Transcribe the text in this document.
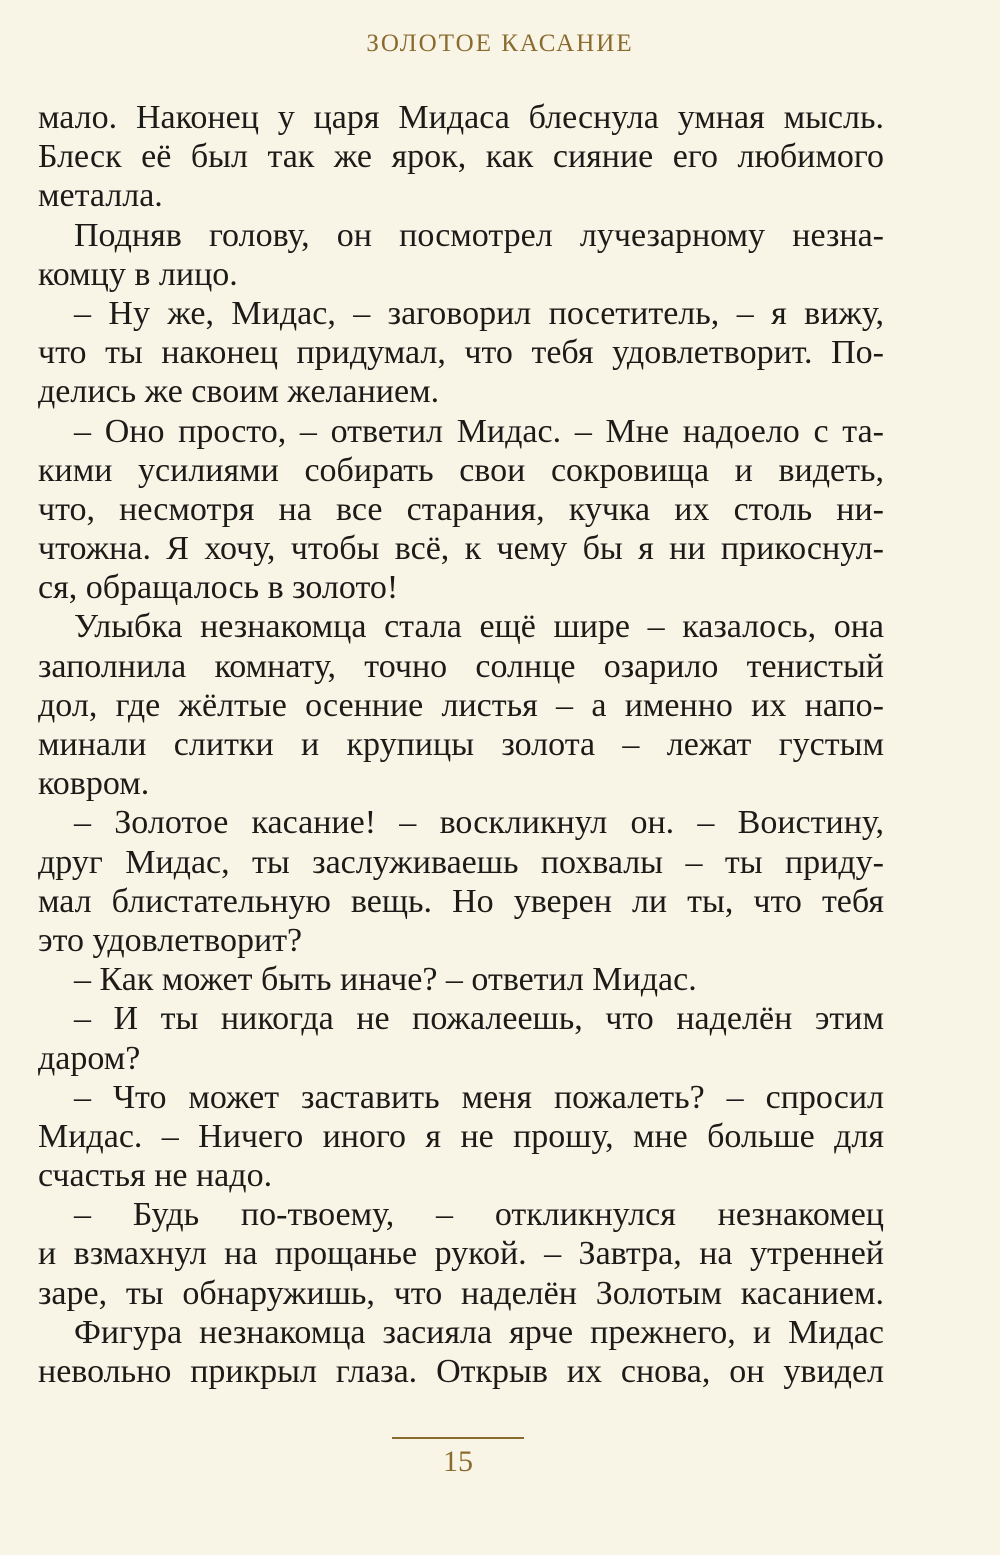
ЗОЛОТОЕ КАСАНИЕ
мало. Наконец у царя Мидаса блеснула умная мысль.
Блеск её был так же ярок, как сияние его любимого
металла.
Подняв голову, он посмотрел лучезарному незна-
комцу в лицо.
– Ну же, Мидас, – заговорил посетитель, – я вижу,
что ты наконец придумал, что тебя удовлетворит. По-
делись же своим желанием.
– Оно просто, – ответил Мидас. – Мне надоело с та-
кими усилиями собирать свои сокровища и видеть,
что, несмотря на все старания, кучка их столь ни-
чтожна. Я хочу, чтобы всё, к чему бы я ни прикоснул-
ся, обращалось в золото!
Улыбка незнакомца стала ещё шире – казалось, она
заполнила комнату, точно солнце озарило тенистый
дол, где жёлтые осенние листья – а именно их напо-
минали слитки и крупицы золота – лежат густым
ковром.
– Золотое касание! – воскликнул он. – Воистину,
друг Мидас, ты заслуживаешь похвалы – ты приду-
мал блистательную вещь. Но уверен ли ты, что тебя
это удовлетворит?
– Как может быть иначе? – ответил Мидас.
– И ты никогда не пожалеешь, что наделён этим
даром?
– Что может заставить меня пожалеть? – спросил
Мидас. – Ничего иного я не прошу, мне больше для
счастья не надо.
– Будь по-твоему, – откликнулся незнакомец
и взмахнул на прощанье рукой. – Завтра, на утренней
заре, ты обнаружишь, что наделён Золотым касанием.
Фигура незнакомца засияла ярче прежнего, и Мидас
невольно прикрыл глаза. Открыв их снова, он увидел
15
